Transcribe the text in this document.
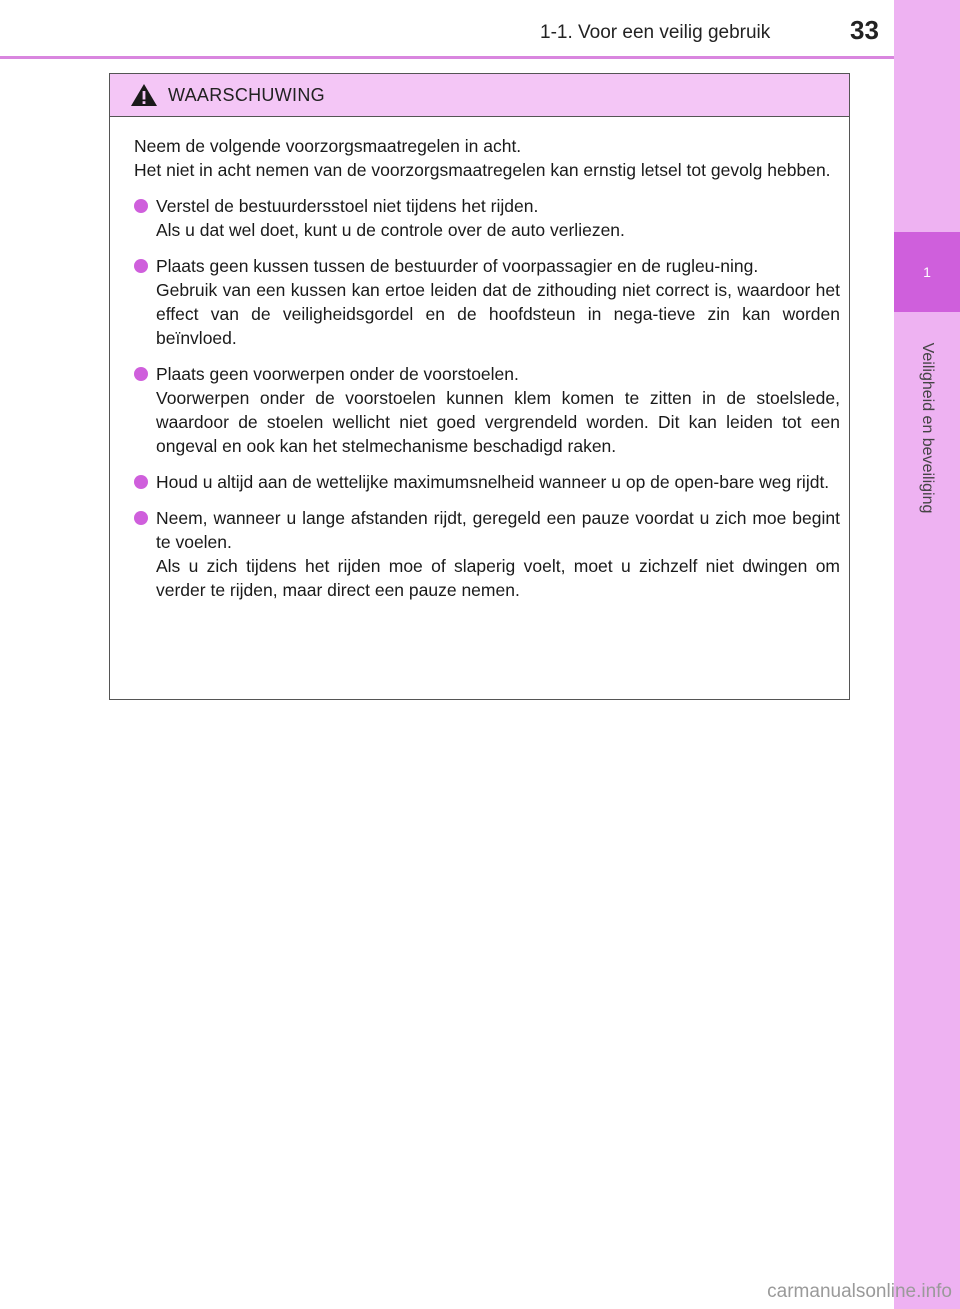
1
Veiligheid en beveiliging
1-1. Voor een veilig gebruik	33
WAARSCHUWING

Neem de volgende voorzorgsmaatregelen in acht.
Het niet in acht nemen van de voorzorgsmaatregelen kan ernstig letsel tot gevolg hebben.

Verstel de bestuurdersstoel niet tijdens het rijden.
Als u dat wel doet, kunt u de controle over de auto verliezen.
Plaats geen kussen tussen de bestuurder of voorpassagier en de rugleu-ning.
Gebruik van een kussen kan ertoe leiden dat de zithouding niet correct is, waardoor het effect van de veiligheidsgordel en de hoofdsteun in nega-tieve zin kan worden beïnvloed.
Plaats geen voorwerpen onder de voorstoelen.
Voorwerpen onder de voorstoelen kunnen klem komen te zitten in de stoelslede, waardoor de stoelen wellicht niet goed vergrendeld worden. Dit kan leiden tot een ongeval en ook kan het stelmechanisme beschadigd raken.
Houd u altijd aan de wettelijke maximumsnelheid wanneer u op de open-bare weg rijdt.
Neem, wanneer u lange afstanden rijdt, geregeld een pauze voordat u zich moe begint te voelen.
Als u zich tijdens het rijden moe of slaperig voelt, moet u zichzelf niet dwingen om verder te rijden, maar direct een pauze nemen.
carmanualsonline.info
